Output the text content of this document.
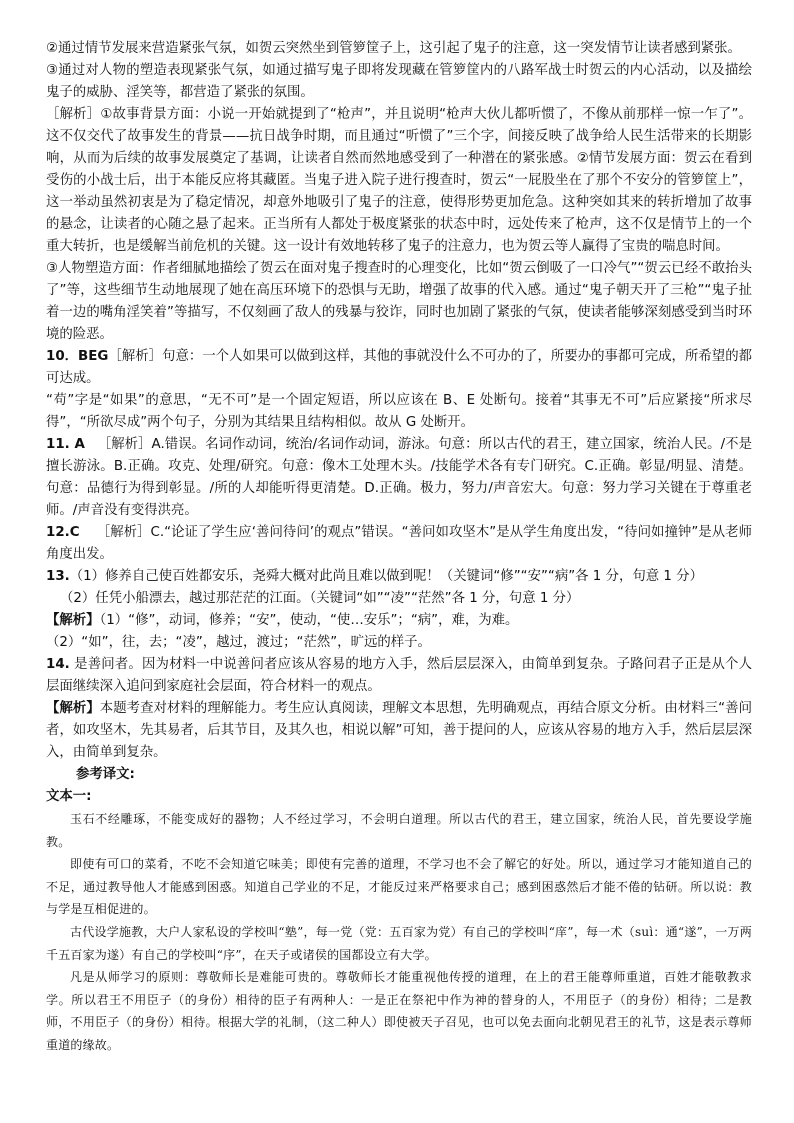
②通过情节发展来营造紧张气氛，如贺云突然坐到管箩筐子上，这引起了鬼子的注意，这一突发情节让读者感到紧张。

③通过对人物的塑造表现紧张气氛，如通过描写鬼子即将发现藏在管箩筐内的八路军战士时贺云的内心活动，以及描绘鬼子的威胁、淫笑等，都营造了紧张的氛围。

［解析］①故事背景方面：小说一开始就提到了“枪声”，并且说明“枪声大伙儿都听惯了，不像从前那样一惊一乍了”。这不仅交代了故事发生的背景——抗日战争时期，而且通过“听惯了”三个字，间接反映了战争给人民生活带来的长期影响，从而为后续的故事发展奠定了基调，让读者自然而然地感受到了一种潜在的紧张感。②情节发展方面：贺云在看到受伤的小战士后，出于本能反应将其藏匿。当鬼子进入院子进行搜查时，贺云“一屁股坐在了那个不安分的管箩筐上”，这一举动虽然初衷是为了稳定情况，却意外地吸引了鬼子的注意，使得形势更加危急。这种突如其来的转折增加了故事的悬念，让读者的心随之悬了起来。正当所有人都处于极度紧张的状态中时，远处传来了枪声，这不仅是情节上的一个重大转折，也是缓解当前危机的关键。这一设计有效地转移了鬼子的注意力，也为贺云等人赢得了宝贵的喘息时间。

③人物塑造方面：作者细腻地描绘了贺云在面对鬼子搜查时的心理变化，比如“贺云倒吸了一口冷气”“贺云已经不敢抬头了”等，这些细节生动地展现了她在高压环境下的恐惧与无助，增强了故事的代入感。通过“鬼子朝天开了三枪”“鬼子扯着一边的嘴角淫笑着”等描写，不仅刻画了敌人的残暴与狡诈，同时也加剧了紧张的气氛，使读者能够深刻感受到当时环境的险恶。

10．BEG［解析］句意：一个人如果可以做到这样，其他的事就没什么不可办的了，所要办的事都可完成，所希望的都可达成。

“苟”字是“如果”的意思，“无不可”是一个固定短语，所以应该在 B、E 处断句。接着“其事无不可”后应紧接“所求尽得”，“所欲尽成”两个句子，分别为其结果且结构相似。故从 G 处断开。

11. A ［解析］A.错误。名词作动词，统治/名词作动词，游泳。句意：所以古代的君王，建立国家，统治人民。/不是擅长游泳。B.正确。攻克、处理/研究。句意：像木工处理木头。/技能学术各有专门研究。C.正确。彰显/明显、清楚。句意：品德行为得到彰显。/所的人却能听得更清楚。D.正确。极力，努力/声音宏大。句意：努力学习关键在于尊重老师。/声音没有变得洪亮。

12.C ［解析］C.“论证了学生应‘善问待问’的观点”错误。“善问如攻坚木”是从学生角度出发，“待问如撞钟”是从老师角度出发。

13.（1）修养自己使百姓都安乐，尧舜大概对此尚且难以做到呢！（关键词“修”“安”“病”各 1 分，句意 1 分）

（2）任凭小船漂去，越过那茫茫的江面。（关键词“如”“凌”“茫然”各 1 分，句意 1 分）

【解析】（1）“修”，动词，修养；“安”，使动，“使…安乐”；“病”，难，为难。

（2）“如”，往，去；“凌”，越过，渡过；“茫然”，旷远的样子。

14. 是善问者。因为材料一中说善问者应该从容易的地方入手，然后层层深入，由简单到复杂。子路问君子正是从个人层面继续深入追问到家庭社会层面，符合材料一的观点。

【解析】本题考查对材料的理解能力。考生应认真阅读，理解文本思想，先明确观点，再结合原文分析。由材料三“善问者，如攻坚木，先其易者，后其节目，及其久也，相说以解”可知，善于提问的人，应该从容易的地方入手，然后层层深入，由简单到复杂。

参考译文:

文本一:

玉石不经雕琢，不能变成好的器物；人不经过学习，不会明白道理。所以古代的君王，建立国家，统治人民，首先要设学施教。

即使有可口的菜肴，不吃不会知道它味美；即使有完善的道理，不学习也不会了解它的好处。所以，通过学习才能知道自己的不足，通过教导他人才能感到困惑。知道自己学业的不足，才能反过来严格要求自己；感到困惑然后才能不倦的钻研。所以说：教与学是互相促进的。

古代设学施教，大户人家私设的学校叫“塾”，每一党（党：五百家为党）有自己的学校叫“庠”，每一术（suì：通“遂”，一万两千五百家为遂）有自己的学校叫“序”，在天子或诸侯的国都设立有大学。

凡是从师学习的原则：尊敬师长是难能可贵的。尊敬师长才能重视他传授的道理，在上的君王能尊师重道，百姓才能敬教求学。所以君王不用臣子（的身份）相待的臣子有两种人：一是正在祭祀中作为神的替身的人，不用臣子（的身份）相待；二是教师，不用臣子（的身份）相待。根据大学的礼制，（这二种人）即使被天子召见，也可以免去面向北朝见君王的礼节，这是表示尊师重道的缘故。
